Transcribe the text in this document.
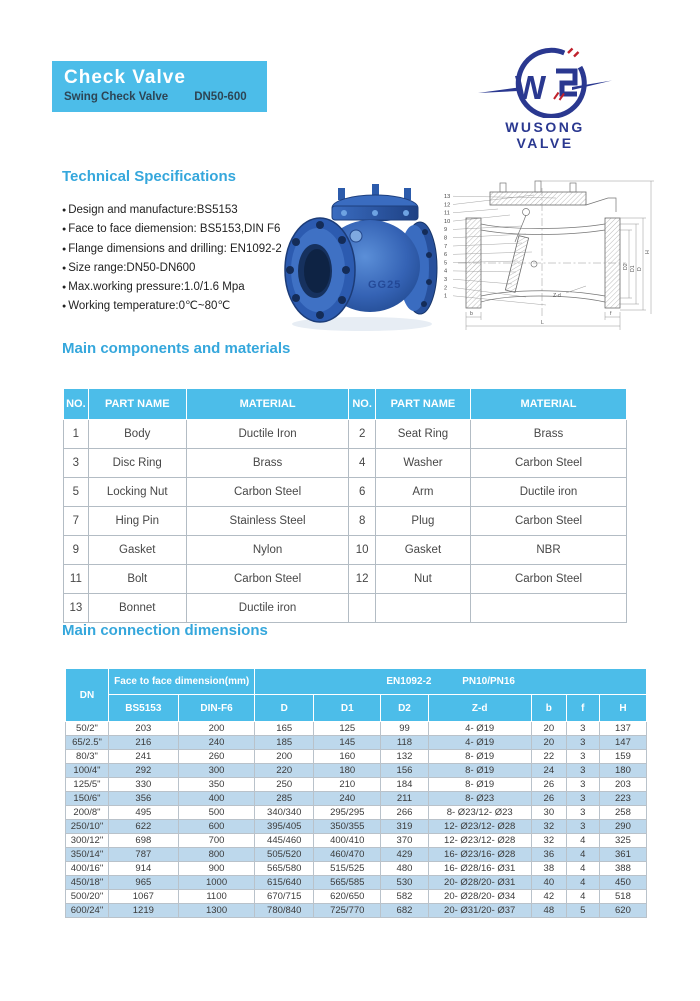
Check Valve
Swing Check Valve DN50-600	W
WUSONG VALVE
Technical Specifications
● Design and manufacture:BS5153
● Face to face diemension: BS5153,DIN F6
● Flange dimensions and drilling: EN1092-2
● Size range:DN50-DN600
● Max.working pressure:1.0/1.6 Mpa
● Working temperature:0℃~80℃
GG25
13
12
11
10
9
8
7
6
5
4
3
2
1
D2 D1 D
H
b	f
L
Z-d
Main components and materials
NO.	PART NAME	MATERIAL	NO.	PART NAME	MATERIAL
1	Body	Ductile Iron	2	Seat Ring	Brass
3	Disc Ring	Brass	4	Washer	Carbon Steel
5	Locking Nut	Carbon Steel	6	Arm	Ductile iron
7	Hing Pin	Stainless Steel	8	Plug	Carbon Steel
9	Gasket	Nylon	10	Gasket	NBR
11	Bolt	Carbon Steel	12	Nut	Carbon Steel
13	Bonnet	Ductile iron			
Main connection dimensions
DN	Face to face dimension(mm)		EN1092-2 PN10/PN16						
	BS5153	DIN-F6	D	D1	D2	Z-d	b	f	H
50/2"	203	200	165	125	99	4- Ø19	20	3	137
65/2.5"	216	240	185	145	118	4- Ø19	20	3	147
80/3"	241	260	200	160	132	8- Ø19	22	3	159
100/4"	292	300	220	180	156	8- Ø19	24	3	180
125/5"	330	350	250	210	184	8- Ø19	26	3	203
150/6"	356	400	285	240	211	8- Ø23	26	3	223
200/8"	495	500	340/340	295/295	266	8- Ø23/12- Ø23	30	3	258
250/10"	622	600	395/405	350/355	319	12- Ø23/12- Ø28	32	3	290
300/12"	698	700	445/460	400/410	370	12- Ø23/12- Ø28	32	4	325
350/14"	787	800	505/520	460/470	429	16- Ø23/16- Ø28	36	4	361
400/16"	914	900	565/580	515/525	480	16- Ø28/16- Ø31	38	4	388
450/18"	965	1000	615/640	565/585	530	20- Ø28/20- Ø31	40	4	450
500/20"	1067	1100	670/715	620/650	582	20- Ø28/20- Ø34	42	4	518
600/24"	1219	1300	780/840	725/770	682	20- Ø31/20- Ø37	48	5	620
